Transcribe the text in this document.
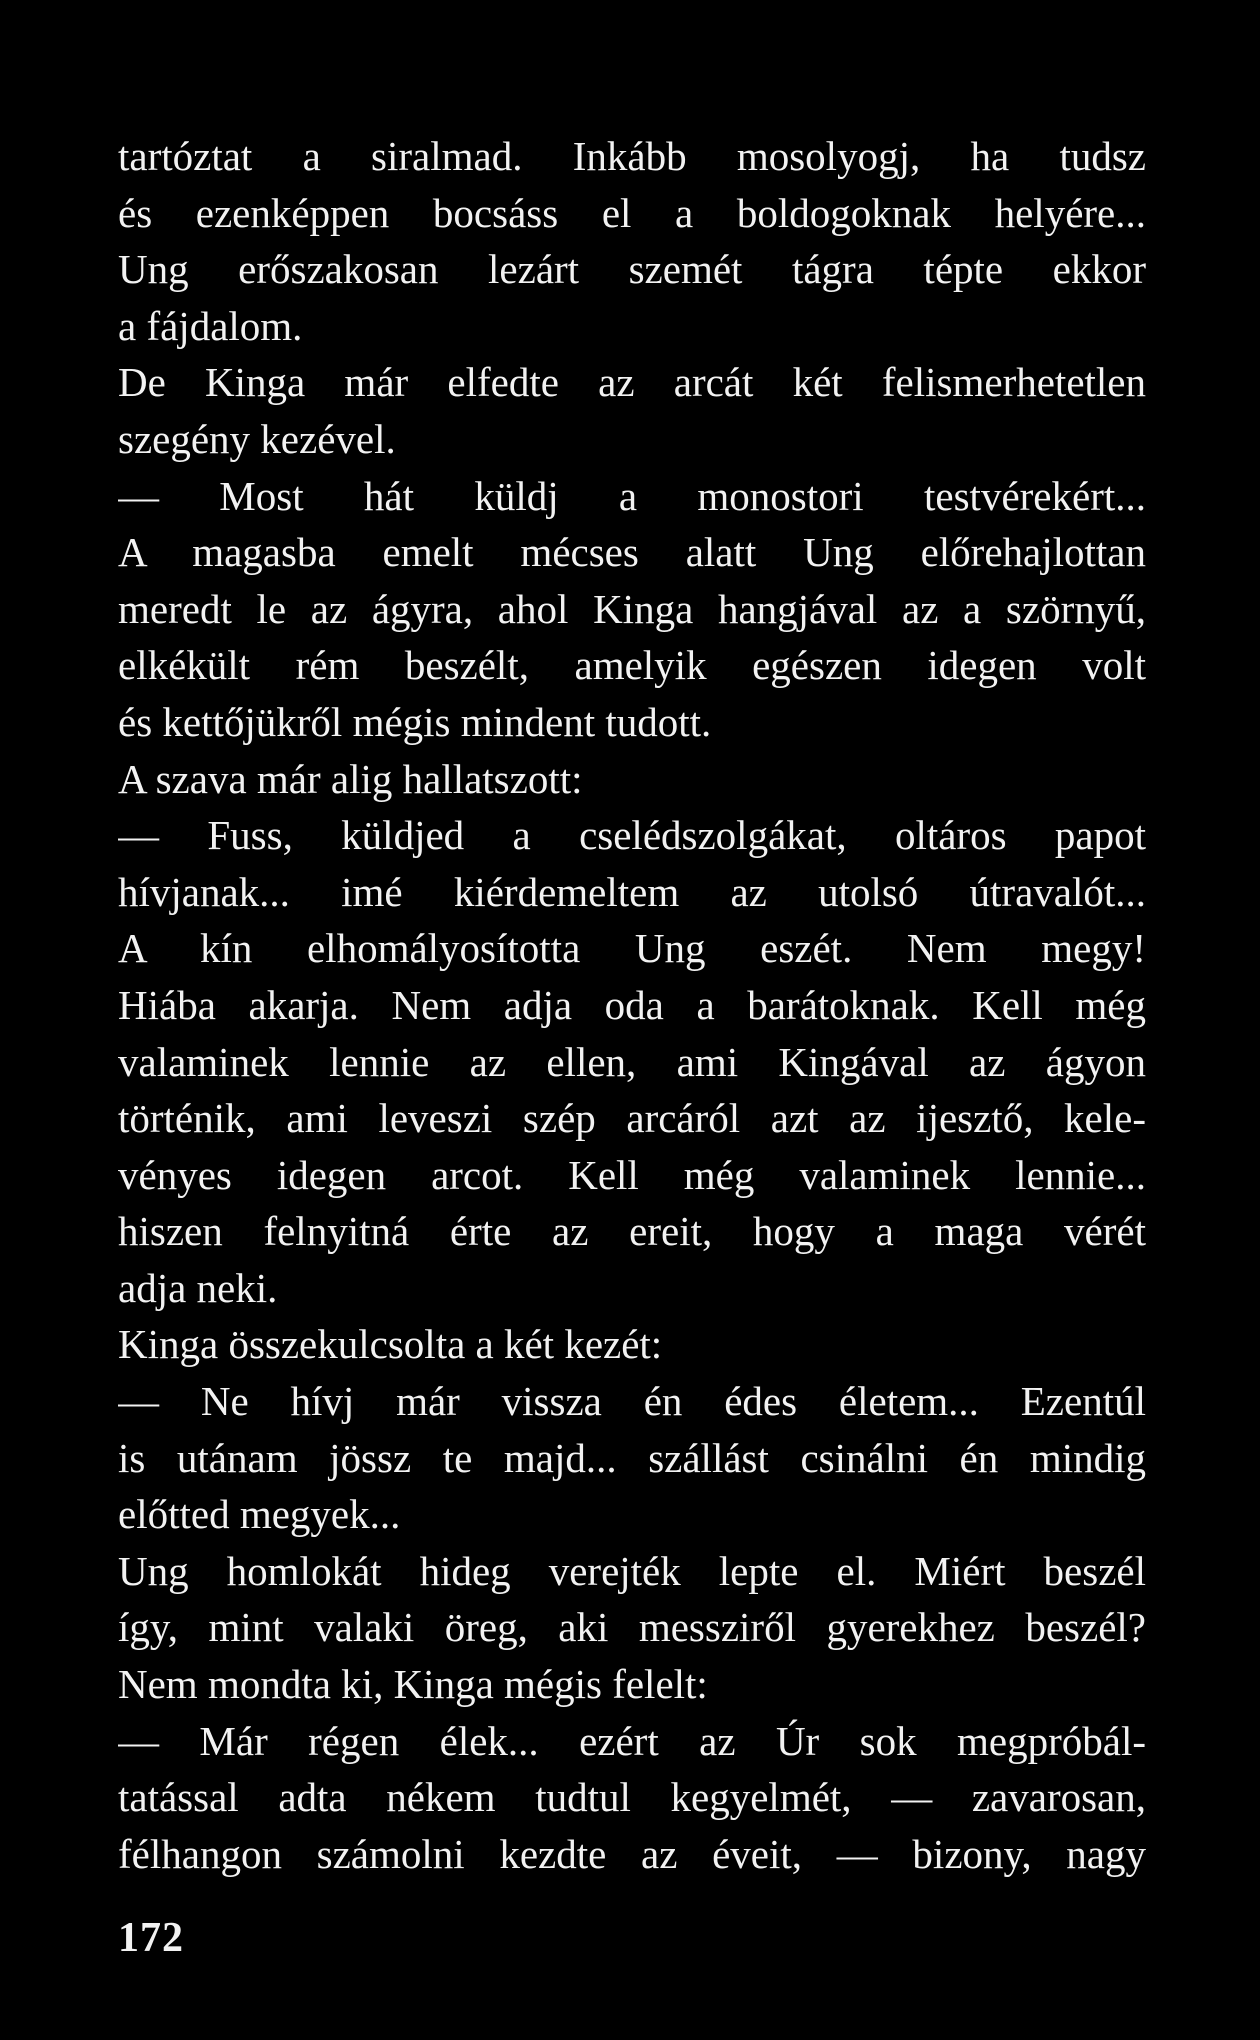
tartóztat a siralmad. Inkább mosolyogj, ha tudsz
és ezenképpen bocsáss el a boldogoknak helyére...
Ung erőszakosan lezárt szemét tágra tépte ekkor
a fájdalom.
De Kinga már elfedte az arcát két felismerhetetlen
szegény kezével.
— Most hát küldj a monostori testvérekért...
A magasba emelt mécses alatt Ung előrehajlottan
meredt le az ágyra, ahol Kinga hangjával az a szörnyű,
elkékült rém beszélt, amelyik egészen idegen volt
és kettőjükről mégis mindent tudott.
A szava már alig hallatszott:
— Fuss, küldjed a cselédszolgákat, oltáros papot
hívjanak... imé kiérdemeltem az utolsó útravalót...
A kín elhomályosította Ung eszét. Nem megy!
Hiába akarja. Nem adja oda a barátoknak. Kell még
valaminek lennie az ellen, ami Kingával az ágyon
történik, ami leveszi szép arcáról azt az ijesztő, kele-
vényes idegen arcot. Kell még valaminek lennie...
hiszen felnyitná érte az ereit, hogy a maga vérét
adja neki.
Kinga összekulcsolta a két kezét:
— Ne hívj már vissza én édes életem... Ezentúl
is utánam jössz te majd... szállást csinálni én mindig
előtted megyek...
Ung homlokát hideg verejték lepte el. Miért beszél
így, mint valaki öreg, aki messziről gyerekhez beszél?
Nem mondta ki, Kinga mégis felelt:
— Már régen élek... ezért az Úr sok megpróbál-
tatással adta nékem tudtul kegyelmét, — zavarosan,
félhangon számolni kezdte az éveit, — bizony, nagy
172
